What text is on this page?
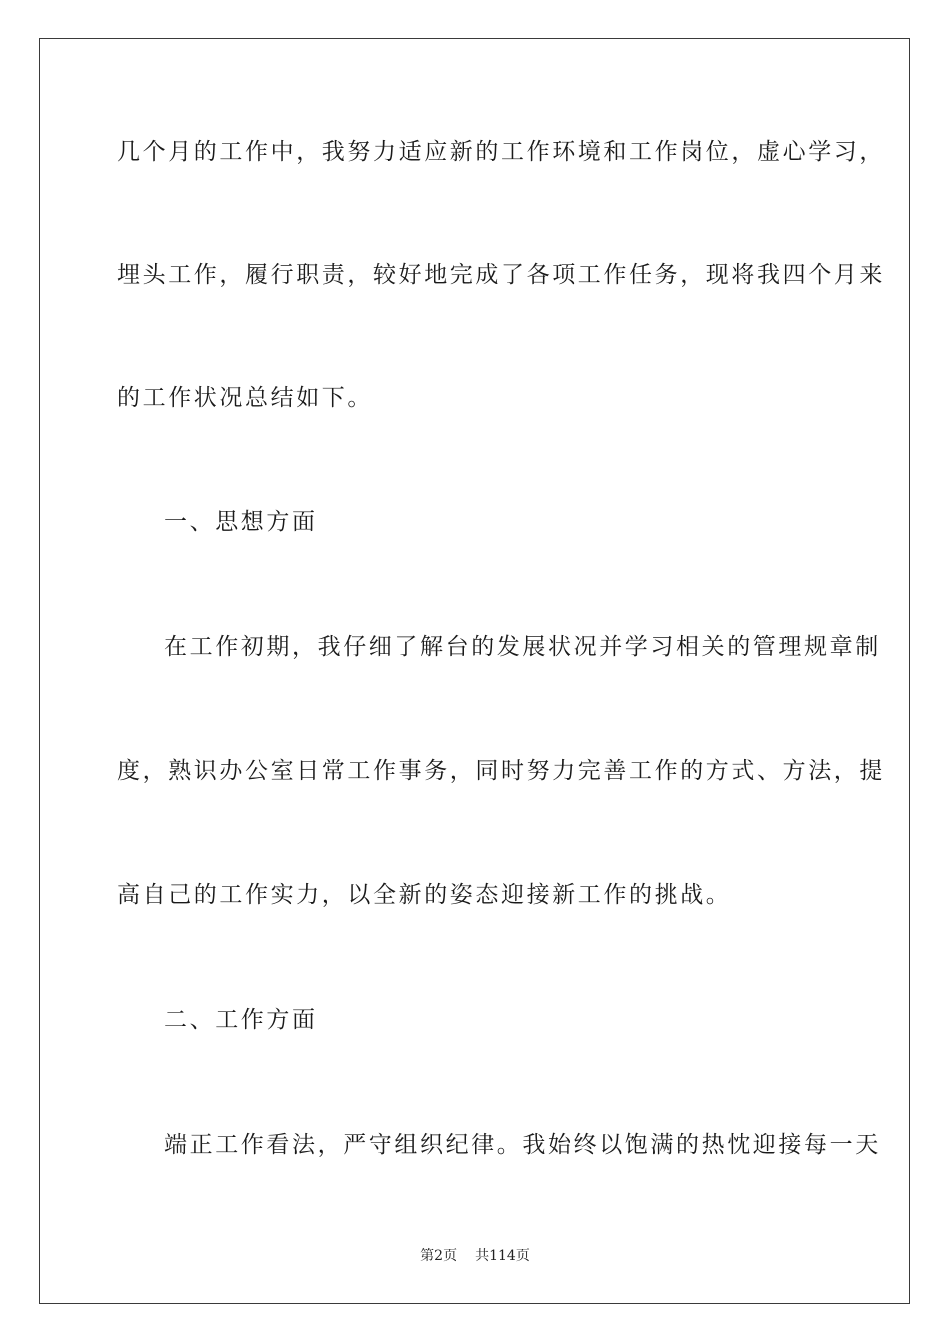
几个月的工作中，我努力适应新的工作环境和工作岗位，虚心学习，
埋头工作，履行职责，较好地完成了各项工作任务，现将我四个月来
的工作状况总结如下。
一、思想方面
在工作初期，我仔细了解台的发展状况并学习相关的管理规章制
度，熟识办公室日常工作事务，同时努力完善工作的方式、方法，提
高自己的工作实力，以全新的姿态迎接新工作的挑战。
二、工作方面
端正工作看法，严守组织纪律。我始终以饱满的热忱迎接每一天
第2页 共114页
